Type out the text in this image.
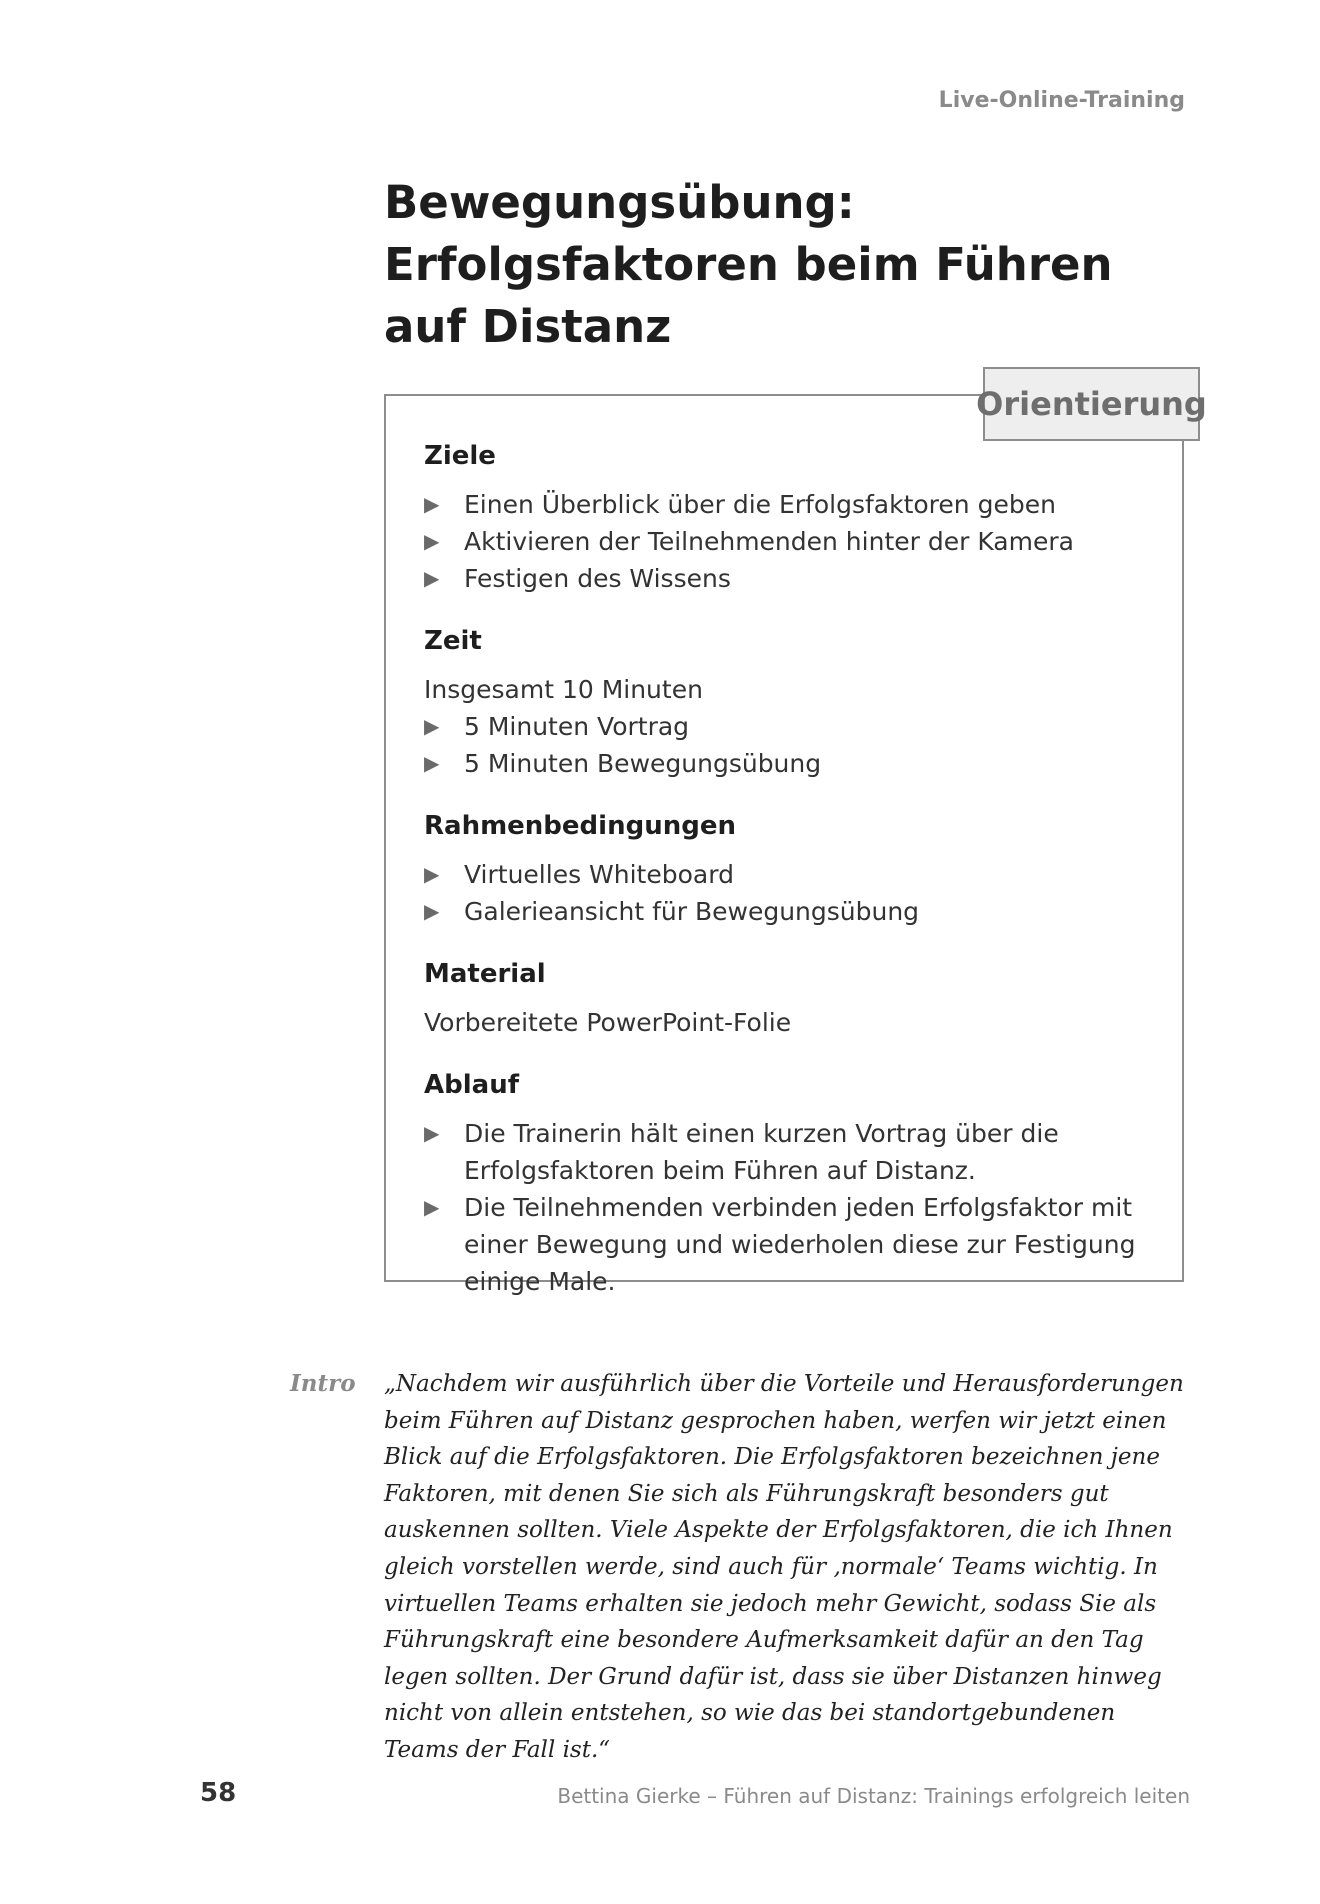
Live-Online-Training
Bewegungsübung: Erfolgsfaktoren beim Führen auf Distanz
Ziele
▶ Einen Überblick über die Erfolgsfaktoren geben
▶ Aktivieren der Teilnehmenden hinter der Kamera
▶ Festigen des Wissens
Zeit
Insgesamt 10 Minuten
▶ 5 Minuten Vortrag
▶ 5 Minuten Bewegungsübung
Rahmenbedingungen
▶ Virtuelles Whiteboard
▶ Galerieansicht für Bewegungsübung
Material
Vorbereitete PowerPoint-Folie
Ablauf
▶ Die Trainerin hält einen kurzen Vortrag über die Erfolgsfaktoren beim Führen auf Distanz.
▶ Die Teilnehmenden verbinden jeden Erfolgsfaktor mit einer Bewegung und wiederholen diese zur Festigung einige Male.
Orientierung
Intro „Nachdem wir ausführlich über die Vorteile und Herausforderungen beim Führen auf Distanz gesprochen haben, werfen wir jetzt einen Blick auf die Erfolgsfaktoren. Die Erfolgsfaktoren bezeichnen jene Faktoren, mit denen Sie sich als Führungskraft besonders gut auskennen sollten. Viele Aspekte der Erfolgsfaktoren, die ich Ihnen gleich vorstellen werde, sind auch für ‚normale‘ Teams wichtig. In virtuellen Teams erhalten sie jedoch mehr Gewicht, sodass Sie als Führungskraft eine besondere Aufmerksamkeit dafür an den Tag legen sollten. Der Grund dafür ist, dass sie über Distanzen hinweg nicht von allein entstehen, so wie das bei standortgebundenen Teams der Fall ist.“

58	Bettina Gierke – Führen auf Distanz: Trainings erfolgreich leiten
